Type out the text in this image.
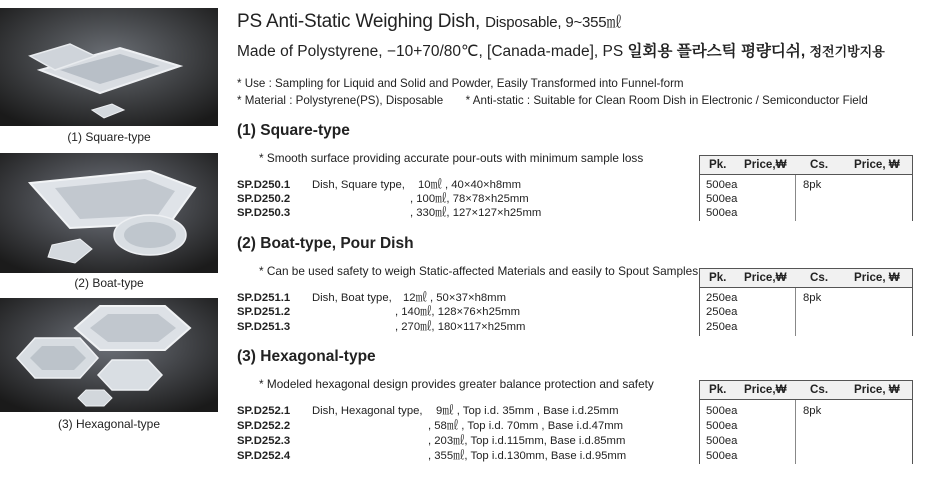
(1) Square-type
(2) Boat-type
(3) Hexagonal-type
PS Anti-Static Weighing Dish, Disposable, 9~355㎖
Made of Polystyrene, −10+70/80℃, [Canada-made], PS 일회용 플라스틱 평량디쉬, 정전기방지용
* Use : Sampling for Liquid and Solid and Powder, Easily Transformed into Funnel-form
* Material : Polystyrene(PS), Disposable * Anti-static : Suitable for Clean Room Dish in Electronic / Semiconductor Field
(1) Square-type
* Smooth surface providing accurate pour-outs with minimum sample loss	Pk. Price,₩ Cs. Price, ₩
SP.D250.1 Dish, Square type, 10㎖ , 40×40×h8mm	500ea	8pk
SP.D250.2	, 100㎖, 78×78×h25mm	500ea
SP.D250.3	, 330㎖, 127×127×h25mm	500ea
(2) Boat-type, Pour Dish
* Can be used safety to weigh Static-affected Materials and easily to Spout Samples Pk. Price,₩ Cs. Price, ₩
SP.D251.1 Dish, Boat type, 12㎖ , 50×37×h8mm	250ea	8pk
SP.D251.2	, 140㎖, 128×76×h25mm	250ea
SP.D251.3	, 270㎖, 180×117×h25mm	250ea
(3) Hexagonal-type
* Modeled hexagonal design provides greater balance protection and safety	Pk. Price,₩ Cs. Price, ₩
SP.D252.1 Dish, Hexagonal type, 9㎖ , Top i.d. 35mm , Base i.d.25mm	500ea	8pk
SP.D252.2	, 58㎖ , Top i.d. 70mm , Base i.d.47mm	500ea
SP.D252.3	, 203㎖, Top i.d.115mm, Base i.d.85mm	500ea
SP.D252.4	, 355㎖, Top i.d.130mm, Base i.d.95mm	500ea
